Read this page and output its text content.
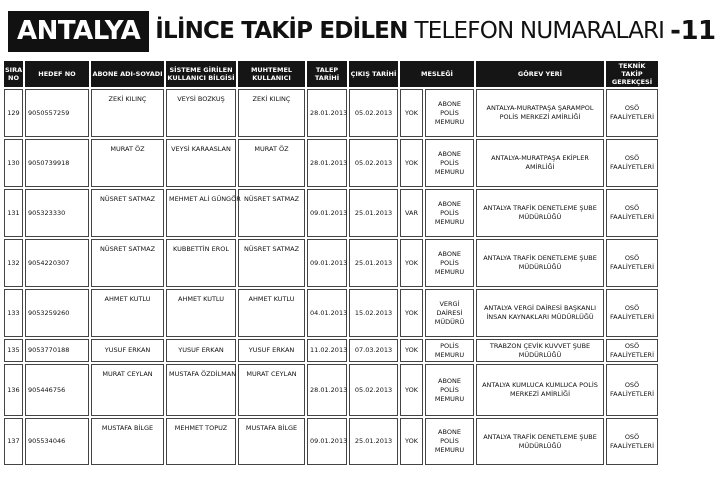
ANTALYA İLİNCE TAKİP EDİLEN TELEFON NUMARALARI -11
SIRA NO	HEDEF NO	ABONE ADI-SOYADI	SİSTEME GİRİLEN KULLANICI BİLGİSİ	MUHTEMEL KULLANICI	TALEP TARİHİ	ÇIKIŞ TARİHİ	MESLEĞİ		GÖREV YERİ	TEKNİK TAKİP GEREKÇESİ
129	9050557259	ZEKİ KILINÇ	VEYSİ BOZKUŞ	ZEKİ KILINÇ	28.01.2013	05.02.2013	YOK	ABONE POLİS MEMURU	ANTALYA-MURATPAŞA ŞARAMPOL POLİS MERKEZİ AMİRLİĞİ	OSÖ FAALİYETLERİ
130	9050739918	MURAT ÖZ	VEYSİ KARAASLAN	MURAT ÖZ	28.01.2013	05.02.2013	YOK	ABONE POLİS MEMURU	ANTALYA-MURATPAŞA EKİPLER AMİRLİĞİ	OSÖ FAALİYETLERİ
131	905323330	NÜSRET SATMAZ	MEHMET ALİ GÜNGÖR	NÜSRET SATMAZ	09.01.2013	25.01.2013	VAR	ABONE POLİS MEMURU	ANTALYA TRAFİK DENETLEME ŞUBE MÜDÜRLÜĞÜ	OSÖ FAALİYETLERİ
132	9054220307	NÜSRET SATMAZ	KUBBETTİN EROL	NÜSRET SATMAZ	09.01.2013	25.01.2013	YOK	ABONE POLİS MEMURU	ANTALYA TRAFİK DENETLEME ŞUBE MÜDÜRLÜĞÜ	OSÖ FAALİYETLERİ
133	9053259260	AHMET KUTLU	AHMET KUTLU	AHMET KUTLU	04.01.2013	15.02.2013	YOK	VERGİ DAİRESİ MÜDÜRÜ	ANTALYA VERGİ DAİRESİ BAŞKANLI İNSAN KAYNAKLARI MÜDÜRLÜĞÜ	OSÖ FAALİYETLERİ
135	9053770188	YUSUF ERKAN	YUSUF ERKAN	YUSUF ERKAN	11.02.2013	07.03.2013	YOK	POLİS MEMURU	TRABZON ÇEVİK KUVVET ŞUBE MÜDÜRLÜĞÜ	OSÖ FAALİYETLERİ
136	905446756	MURAT CEYLAN	MUSTAFA ÖZDİLMAN	MURAT CEYLAN	28.01.2013	05.02.2013	YOK	ABONE POLİS MEMURU	ANTALYA KUMLUCA KUMLUCA POLİS MERKEZİ AMİRLİĞİ	OSÖ FAALİYETLERİ
137	905534046	MUSTAFA BİLGE	MEHMET TOPUZ	MUSTAFA BİLGE	09.01.2013	25.01.2013	YOK	ABONE POLİS MEMURU	ANTALYA TRAFİK DENETLEME ŞUBE MÜDÜRLÜĞÜ	OSÖ FAALİYETLERİ
